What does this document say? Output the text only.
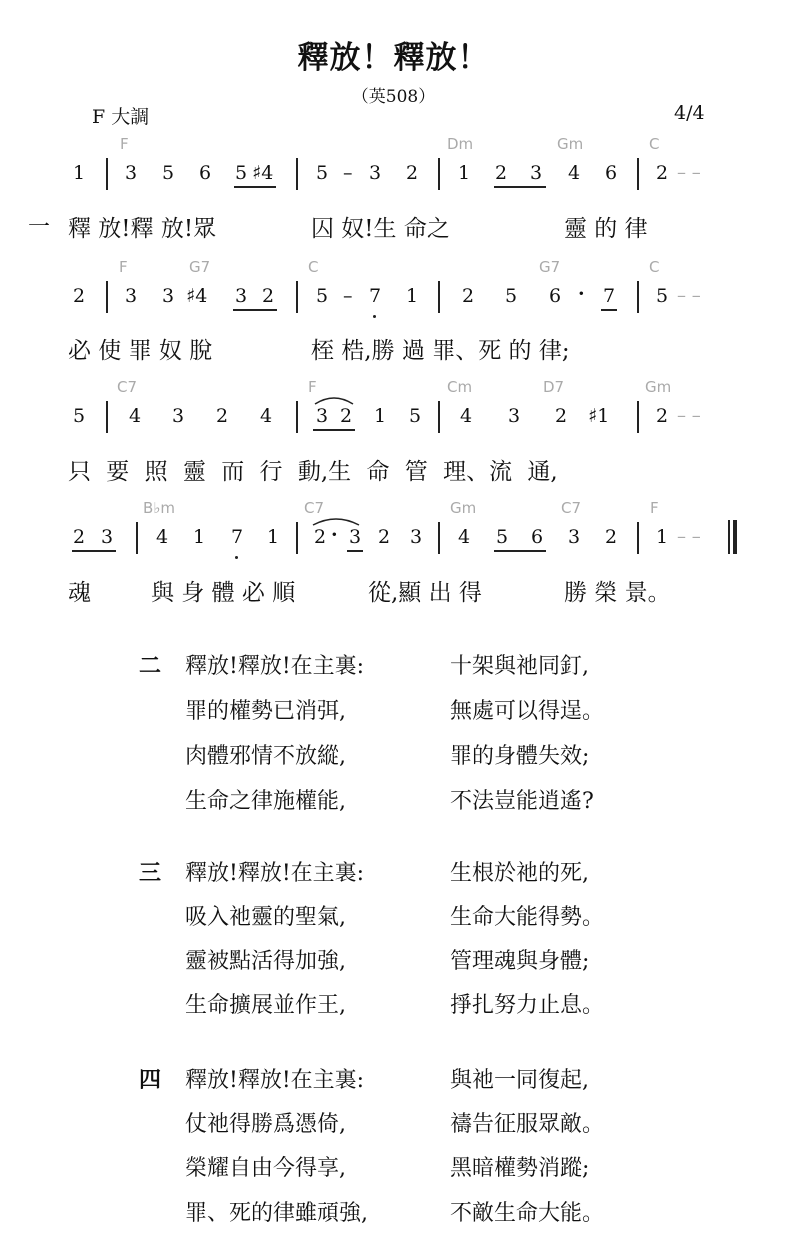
釋放！釋放！
（英508）
F 大調	4/4
F	Dm	Gm	C
1 3 5 6 5 ♯4 5 – 3 2 1 2 3 4 6 2 – –
一 釋 放!釋 放!眾	囚 奴!生 命之	靈 的 律
F	G7	C	G7	C
2 3 3 ♯4 3 2 5 – 7 1 2 5 6 · 7 5 – –
必 使 罪 奴 脫	桎 梏,勝 過 罪、死 的 律;
C7	F	Cm	D7	Gm
5 4 3 2 4 3 2 1 5 4 3 2 ♯1 2 – –
只 要 照 靈 而 行 動,生 命 管 理、流 通,
B♭m	C7	Gm	C7	F
2 3 4 1 7 1 2 · 3 2 3 4 5 6 3 2 1 – –
魂	與 身 體 必 順	從,顯 出 得	勝 榮 景。
二 釋放!釋放!在主裏:	十架與祂同釘,
罪的權勢已消弭,	無處可以得逞。
肉體邪情不放縱,	罪的身體失效;
生命之律施權能,	不法豈能逍遙?
三 釋放!釋放!在主裏:	生根於祂的死,
吸入祂靈的聖氣,	生命大能得勢。
靈被點活得加強,	管理魂與身體;
生命擴展並作王,	掙扎努力止息。
四 釋放!釋放!在主裏:	與祂一同復起,
仗祂得勝爲憑倚,	禱告征服眾敵。
榮耀自由今得享,	黑暗權勢消蹤;
罪、死的律雖頑強,	不敵生命大能。
